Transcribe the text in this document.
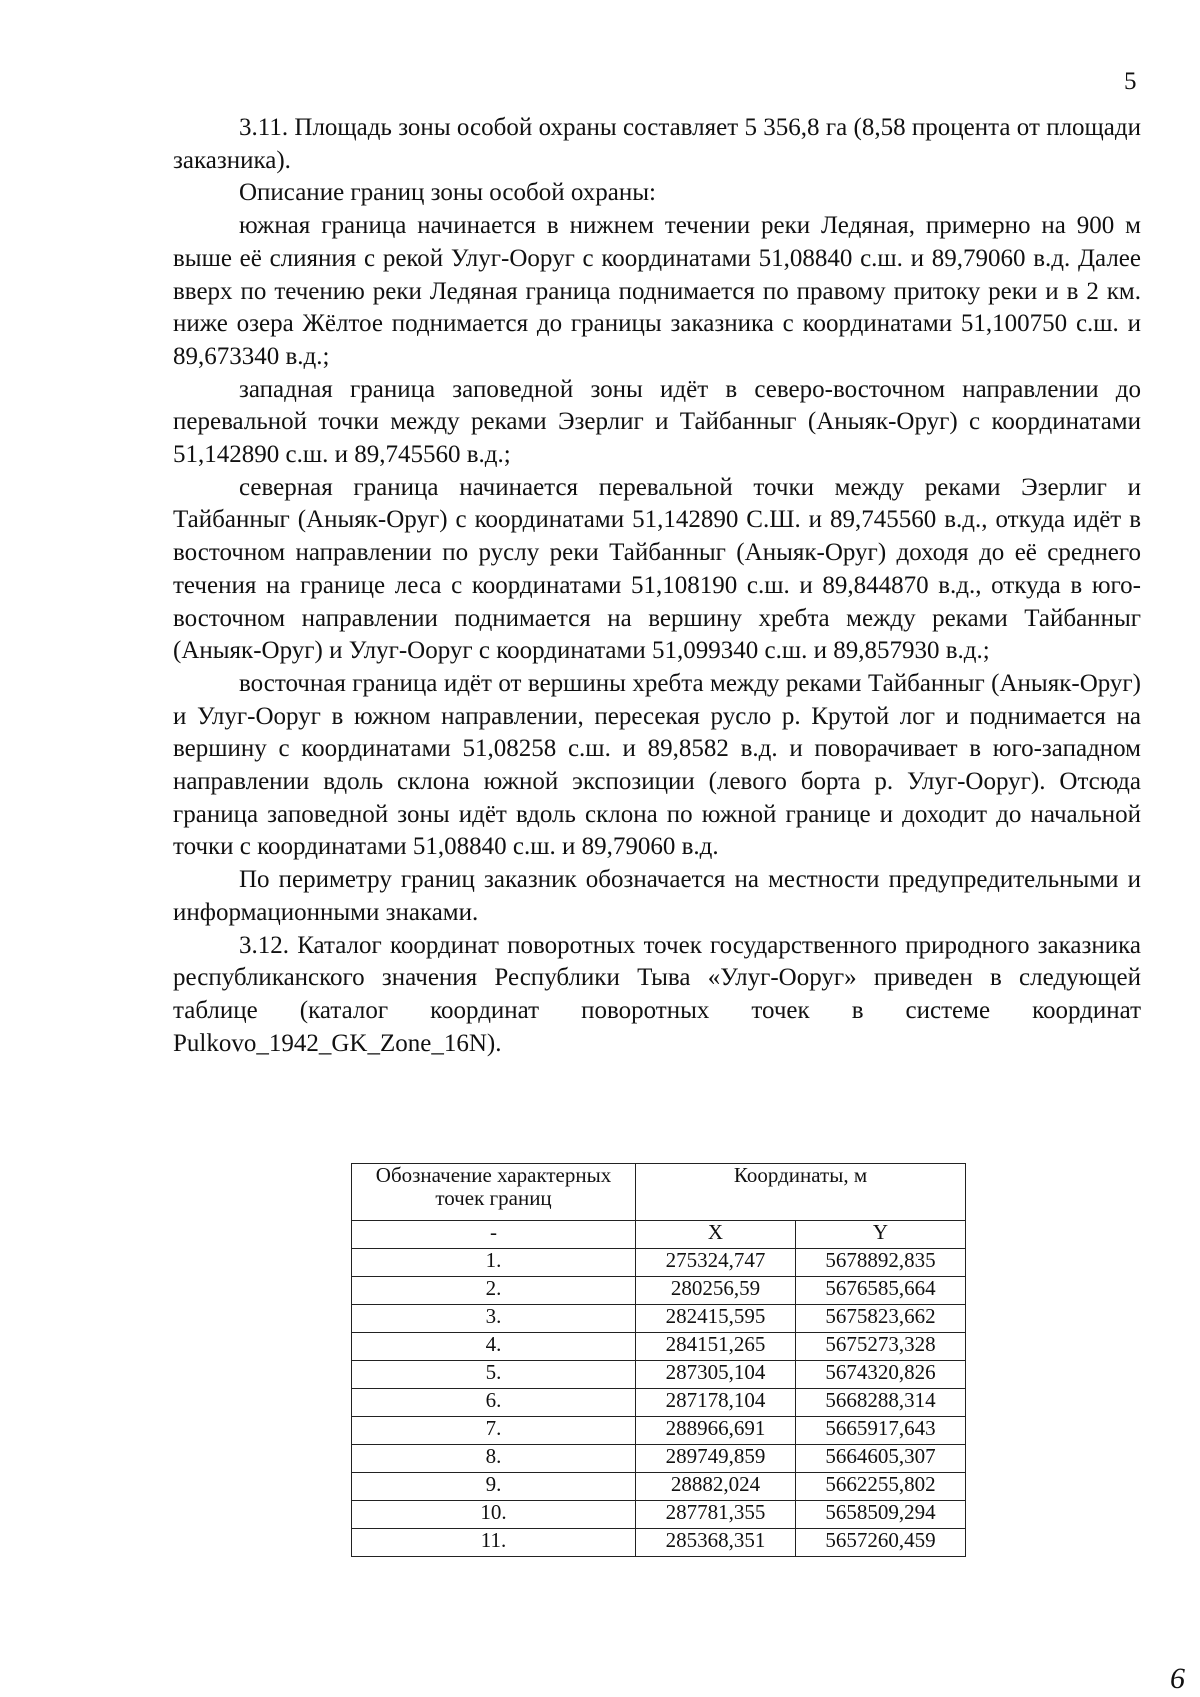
5

3.11. Площадь зоны особой охраны составляет 5 356,8 га (8,58 процента от площади заказника).

Описание границ зоны особой охраны:

южная граница начинается в нижнем течении реки Ледяная, примерно на 900 м выше её слияния с рекой Улуг-Ооруг с координатами 51,08840 с.ш. и 89,79060 в.д. Далее вверх по течению реки Ледяная граница поднимается по правому притоку реки и в 2 км. ниже озера Жёлтое поднимается до границы заказника с координатами 51,100750 с.ш. и 89,673340 в.д.;

западная граница заповедной зоны идёт в северо-восточном направлении до перевальной точки между реками Эзерлиг и Тайбанныг (Аныяк-Оруг) с координатами 51,142890 с.ш. и 89,745560 в.д.;

северная граница начинается перевальной точки между реками Эзерлиг и Тайбанныг (Аныяк-Оруг) с координатами 51,142890 С.Ш. и 89,745560 в.д., откуда идёт в восточном направлении по руслу реки Тайбанныг (Аныяк-Оруг) доходя до её среднего течения на границе леса с координатами 51,108190 с.ш. и 89,844870 в.д., откуда в юго-восточном направлении поднимается на вершину хребта между реками Тайбанныг (Аныяк-Оруг) и Улуг-Ооруг с координатами 51,099340 с.ш. и 89,857930 в.д.;

восточная граница идёт от вершины хребта между реками Тайбанныг (Аныяк-Оруг) и Улуг-Ооруг в южном направлении, пересекая русло р. Крутой лог и поднимается на вершину с координатами 51,08258 с.ш. и 89,8582 в.д. и поворачивает в юго-западном направлении вдоль склона южной экспозиции (левого борта р. Улуг-Ооруг). Отсюда граница заповедной зоны идёт вдоль склона по южной границе и доходит до начальной точки с координатами 51,08840 с.ш. и 89,79060 в.д.

По периметру границ заказник обозначается на местности предупредительными и информационными знаками.

3.12. Каталог координат поворотных точек государственного природного заказника республиканского значения Республики Тыва «Улуг-Ооруг» приведен в следующей таблице (каталог координат поворотных точек в системе координат Pulkovo_1942_GK_Zone_16N).

Обозначение характерных точек границ	Координаты, м	
-	X	Y
1.	275324,747	5678892,835
2.	280256,59	5676585,664
3.	282415,595	5675823,662
4.	284151,265	5675273,328
5.	287305,104	5674320,826
6.	287178,104	5668288,314
7.	288966,691	5665917,643
8.	289749,859	5664605,307
9.	28882,024	5662255,802
10.	287781,355	5658509,294
11.	285368,351	5657260,459
6
